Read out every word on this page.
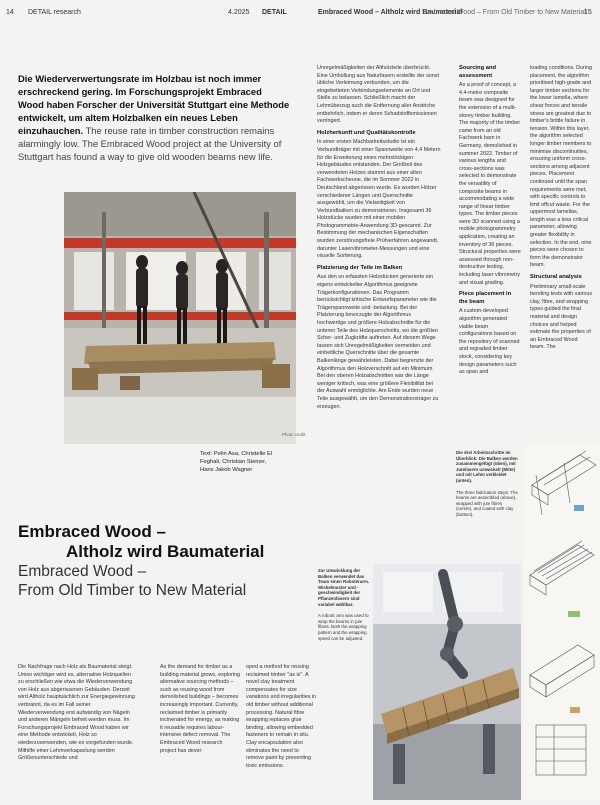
14 DETAIL research	4.2025 DETAIL	Embraced Wood – Altholz wird Baumaterial
Embraced Wood – From Old Timber to New Material
15
Die Wiederverwertungsrate im Holzbau ist noch immer erschreckend gering. Im Forschungsprojekt Embraced Wood haben Forscher der Universität Stuttgart eine Methode entwickelt, um altem Holzbalken ein neues Leben einzuhauchen. The reuse rate in timber construction remains alarmingly low. The Embraced Wood project at the University of Stuttgart has found a way to give old wooden beams new life.
Photo credit
Text: Pelin Asa, Christelle El
Feghali, Christian Steiner,
Hans Jakob Wagner
Embraced Wood –
Altholz wird Baumaterial
Embraced Wood –
From Old Timber to New Material
Unregelmäßigkeiten der Altholzteile überbrückt. Eine Umhüllung aus Naturfasern erstellte der sonst übliche Verleimung verbunden, um die eingebetteten Verbindungselemente an Ort und Stelle zu belassen. Schließlich macht der Lehmüberzug auch die Entfernung aller Anstriche entbehrlich, indem er deren Schadstoffemissionen verringert.
Holzherkunft und Qualitätskontrolle
In einer ersten Machbarkeitsstudie ist ein Verbundträger mit einer Spannweite von 4,4 Metern für die Erweiterung eines mehrstöckigen Holzgebäudes entstanden. Der Großteil des verwendeten Holzes stammt aus einer alten Fachwerkscheune, die im Sommer 2022 in Deutschland abgerissen wurde. Es wurden Hölzer verschiedener Längen und Querschnitte ausgewählt, um die Vielseitigkeit von Verbundbalken zu demonstrieren. Insgesamt 36 Holzstücke wurden mit einer mobilen Photogrammetrie-Anwendung 3D-gescannt. Zur Bestimmung der mechanischen Eigenschaften wurden zerstörungsfreie Prüfverfahren angewandt, darunter Laservibrometer-Messungen und eine visuelle Sortierung.
Platzierung der Teile im Balken
Aus den so erfassten Holzstücken generierte ein eigens entwickelter Algorithmus geeignete Trägerkonfigurationen. Das Programm berücksichtigt kritische Entwurfsparameter wie die Trägerspannweite und -belastung. Bei der Platzierung bevorzugte der Algorithmus hochwertige und größere Holzabschnitte für die unteren Teile des Holzquerschnitts, wo die größten Scher- und Zugkräfte auftreten. Auf diesem Wege lassen sich Unregelmäßigkeiten vermeiden und einheitliche Querschnitte über die gesamte Balkenlänge gewährleisten. Dabei begrenzte der Algorithmus den Holzverschnitt auf ein Minimum. Bei den oberen Holzabschnitten war die Länge weniger kritisch, was eine größere Flexibilität bei der Auswahl ermöglichte. Am Ende wurden neue Teile ausgewählt, um den Demonstrationsträger zu erzeugen.
Sourcing and assessment
As a proof of concept, a 4.4-metre composite beam was designed for the extension of a multi-storey timber building. The majority of the timber came from an old Fachwerk barn in Germany, demolished in summer 2022. Timber of various lengths and cross-sections was selected to demonstrate the versatility of composite beams in accommodating a wide range of linear timber types. The timber pieces were 3D scanned using a mobile photogrammetry application, creating an inventory of 36 pieces. Structural properties were assessed through non-destructive testing, including laser vibrometry and visual grading.
Piece placement in the beam
A custom-developed algorithm generated viable beam configurations based on the repository of scanned and regraded timber stock, considering key design parameters such as span and
loading conditions. During placement, the algorithm prioritised high-grade and larger timber sections for the lower lamella, where shear forces and tensile stress are greatest due to timber's brittle failure in tension. Within this layer, the algorithm selected longer timber members to minimise discontinuities, ensuring uniform cross-sections among adjacent pieces. Placement continued until the span requirements were met, with specific controls to limit offcut waste. For the uppermost lamellas, length was a less critical parameter, allowing greater flexibility in selection. In the end, nine pieces were chosen to form the demonstrator beam.
Structural analysis
Preliminary small-scale bending tests with various clay, fibre, and wrapping types guided the final material and design choices and helped estimate the properties of an Embraced Wood beam. The
Die drei Arbeitsschritte im Überblick: Die Balken werden zusammengefügt (oben), mit Jutefasern umwickelt (Mitte) und mit Lehm verkleidet (unten).
The three fabrication steps: The beams are assembled (above), wrapped with jute fibres (centre), and coated with clay (bottom).
Zur Umwicklung der Balken verwendet das Team einen Roboterarm. Wickelmuster und -geschwindigkeit der Pflanzenfasern sind variabel wählbar.
A robotic arm was used to wrap the beams in jute fibres. Both the wrapping pattern and the wrapping speed can be adjusted.
Die Nachfrage nach Holz als Baumaterial steigt. Umso wichtiger wird es, alternative Holzquellen zu erschließen wie etwa die Wiederverwendung von Holz aus abgerissenen Gebäuden. Derzeit wird Altholz hauptsächlich zur Energiegewinnung verbrannt, da es im Fall seiner Wiederverwendung erst aufwändig von Nägeln und anderen Mängeln befreit werden muss. Im Forschungsprojekt Embraced Wood haben wir eine Methode entwickelt, Holz so wiederzuverwenden, wie es vorgefunden wurde. Mithilfe einer Lehmverkapselung werden Größenunterschiede und
As the demand for timber as a building material grows, exploring alternative sourcing methods – such as reusing wood from demolished buildings – becomes increasingly important. Currently, reclaimed timber is primarily incinerated for energy, as making it reusable requires labour-intensive defect removal. The Embraced Wood research project has devel-
oped a method for reusing reclaimed timber "as is". A novel clay treatment compensates for size variations and irregularities in old timber without additional processing. Natural fibre wrapping replaces glue binding, allowing embedded fasteners to remain in situ. Clay encapsulation also eliminates the need to remove paint by preventing toxic emissions.
